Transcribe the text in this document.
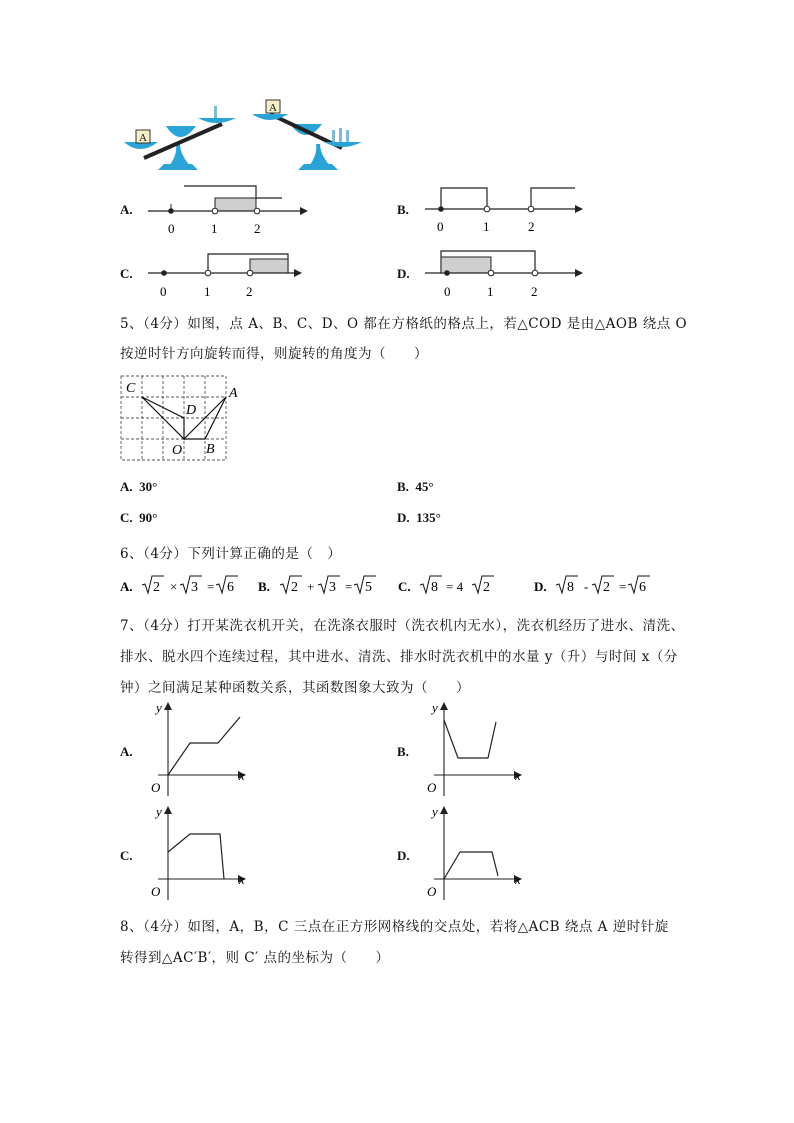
A
A
A.
0	1	2
B.
0	1	2
C.
0	1	2
D.
0	1	2
5、（4分）如图，点 A、B、C、D、O 都在方格纸的格点上，若△COD 是由△AOB 绕点 O
按逆时针方向旋转而得，则旋转的角度为（　　）
C
D
A
O B
A. 30°	B. 45°
C. 90°	D. 135°
6、（4分）下列计算正确的是（　）
A. 2 × 3 = 6 B. 2 + 3 = 5 C. 8 = 4 2	D. 8 - 2 = 6
7、（4分）打开某洗衣机开关，在洗涤衣服时（洗衣机内无水），洗衣机经历了进水、清洗、
排水、脱水四个连续过程，其中进水、清洗、排水时洗衣机中的水量 y（升）与时间 x（分
钟）之间满足某种函数关系，其函数图象大致为（　　）
A.
y
x
O
B.
y
x
O
C.
y
x
O
D.
y
x
O
8、（4分）如图，A，B，C 三点在正方形网格线的交点处，若将△ACB 绕点 A 逆时针旋
转得到△AC′B′，则 C′ 点的坐标为（　　）
